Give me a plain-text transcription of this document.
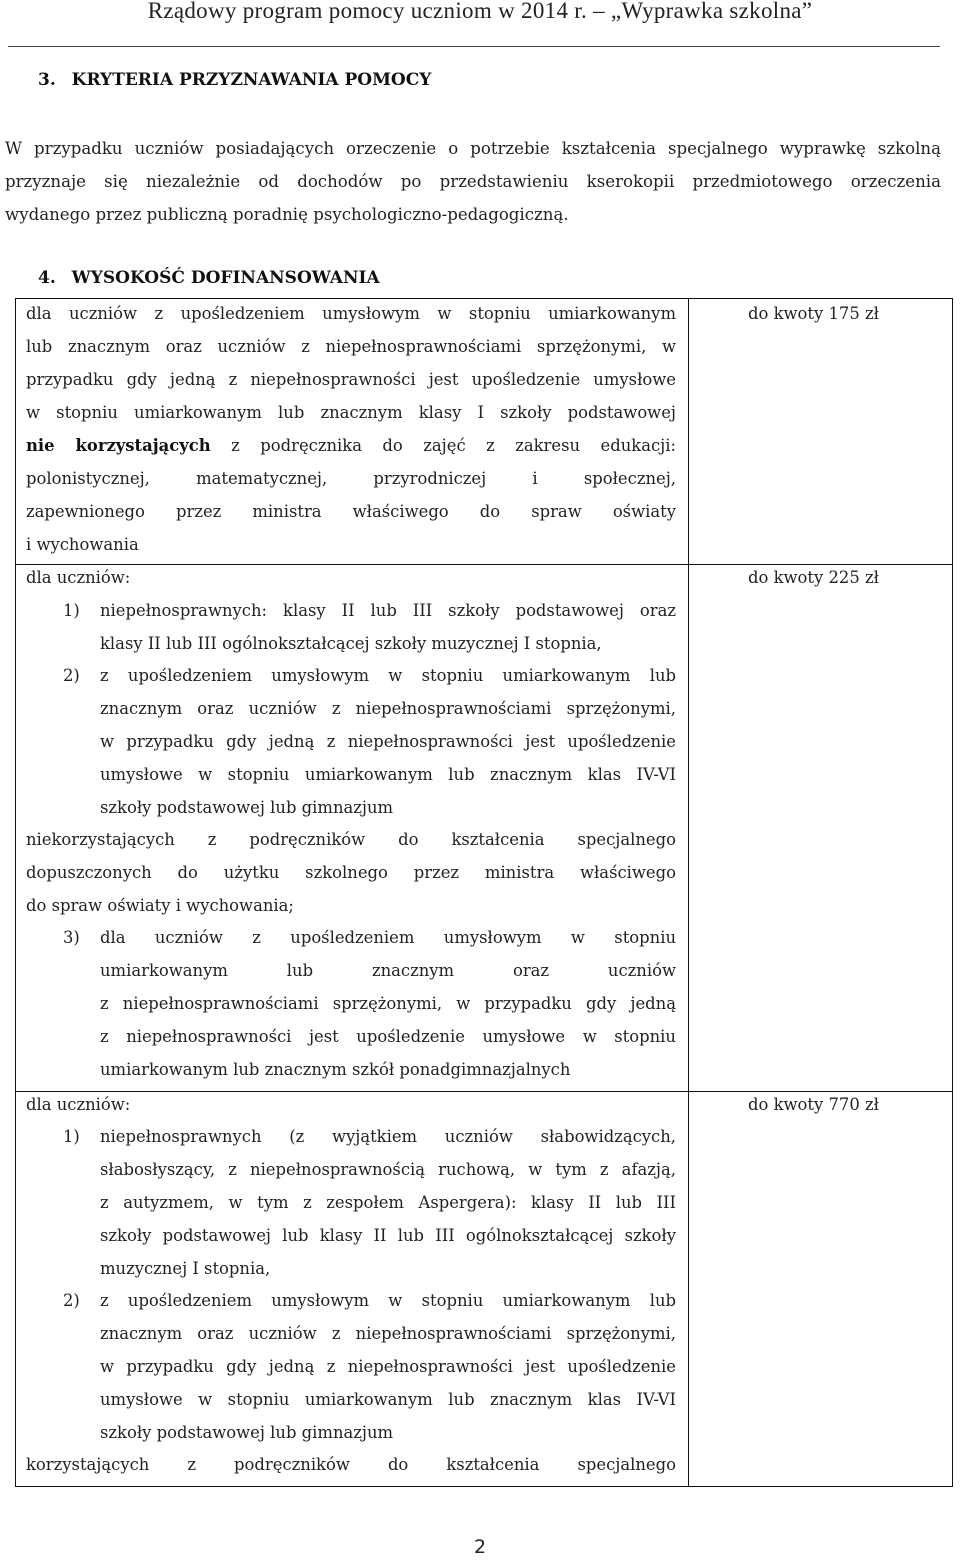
Rządowy program pomocy uczniom w 2014 r. – „Wyprawka szkolna”
3. KRYTERIA PRZYZNAWANIA POMOCY
W przypadku uczniów posiadających orzeczenie o potrzebie kształcenia specjalnego wyprawkę szkolną
przyznaje się niezależnie od dochodów po przedstawieniu kserokopii przedmiotowego orzeczenia
wydanego przez publiczną poradnię psychologiczno-pedagogiczną.
4. WYSOKOŚĆ DOFINANSOWANIA
do kwoty 175 zł
dla uczniów z upośledzeniem umysłowym w stopniu umiarkowanym
lub znacznym oraz uczniów z niepełnosprawnościami sprzężonymi, w
przypadku gdy jedną z niepełnosprawności jest upośledzenie umysłowe
w stopniu umiarkowanym lub znacznym klasy I szkoły podstawowej
nie korzystających z podręcznika do zajęć z zakresu edukacji:
polonistycznej, matematycznej, przyrodniczej i społecznej,
zapewnionego przez ministra właściwego do spraw oświaty
i wychowania
do kwoty 225 zł
dla uczniów:
1) niepełnosprawnych: klasy II lub III szkoły podstawowej oraz
klasy II lub III ogólnokształcącej szkoły muzycznej I stopnia,
2) z upośledzeniem umysłowym w stopniu umiarkowanym lub
znacznym oraz uczniów z niepełnosprawnościami sprzężonymi,
w przypadku gdy jedną z niepełnosprawności jest upośledzenie
umysłowe w stopniu umiarkowanym lub znacznym klas IV-VI
szkoły podstawowej lub gimnazjum
niekorzystających z podręczników do kształcenia specjalnego
dopuszczonych do użytku szkolnego przez ministra właściwego
do spraw oświaty i wychowania;
3) dla uczniów z upośledzeniem umysłowym w stopniu
umiarkowanym lub znacznym oraz uczniów
z niepełnosprawnościami sprzężonymi, w przypadku gdy jedną
z niepełnosprawności jest upośledzenie umysłowe w stopniu
umiarkowanym lub znacznym szkół ponadgimnazjalnych
do kwoty 770 zł
dla uczniów:
1) niepełnosprawnych (z wyjątkiem uczniów słabowidzących,
słabosłyszący, z niepełnosprawnością ruchową, w tym z afazją,
z autyzmem, w tym z zespołem Aspergera): klasy II lub III
szkoły podstawowej lub klasy II lub III ogólnokształcącej szkoły
muzycznej I stopnia,
2) z upośledzeniem umysłowym w stopniu umiarkowanym lub
znacznym oraz uczniów z niepełnosprawnościami sprzężonymi,
w przypadku gdy jedną z niepełnosprawności jest upośledzenie
umysłowe w stopniu umiarkowanym lub znacznym klas IV-VI
szkoły podstawowej lub gimnazjum
korzystających z podręczników do kształcenia specjalnego
2
